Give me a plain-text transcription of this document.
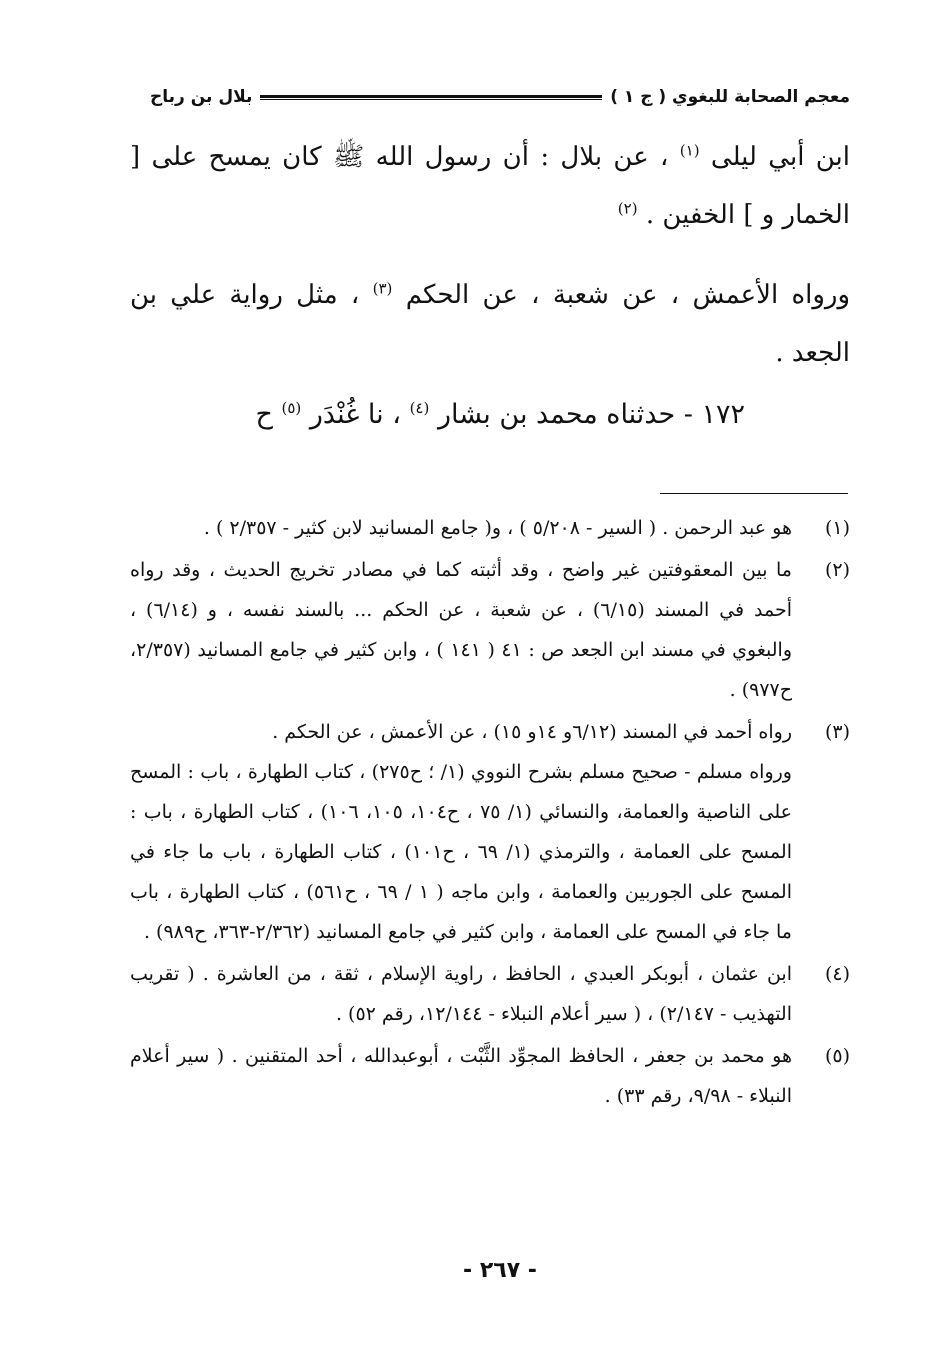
معجم الصحابة للبغوي ( ج ١ )
بلال بن رباح

ابن أبي ليلى $^{(١)}$ ، عن بلال : أن رسول الله ﷺ كان يمسح على [ الخمار و ] الخفين . $^{(٢)}$

ورواه الأعمش ، عن شعبة ، عن الحكم $^{(٣)}$ ، مثل رواية علي بن الجعد .

١٧٢ - حدثناه محمد بن بشار $^{(٤)}$ ، نا غُنْدَر $^{(٥)}$ ح

(١)

هو عبد الرحمن . ( السير - ٥/٢٠٨ ) ، و( جامع المسانيد لابن كثير - ٢/٣٥٧ ) .

(٢)

ما بين المعقوفتين غير واضح ، وقد أثبته كما في مصادر تخريج الحديث ، وقد رواه أحمد في المسند (٦/١٥) ، عن شعبة ، عن الحكم ... بالسند نفسه ، و (٦/١٤) ، والبغوي في مسند ابن الجعد ص : ٤١ ( ١٤١ ) ، وابن كثير في جامع المسانيد (٢/٣٥٧، ح٩٧٧) .

(٣)

رواه أحمد في المسند (٦/١٢و ١٤و ١٥) ، عن الأعمش ، عن الحكم .

ورواه مسلم - صحيح مسلم بشرح النووي (١/ ؛ ح٢٧٥) ، كتاب الطهارة ، باب : المسح على الناصية والعمامة، والنسائي (١/ ٧٥ ، ح١٠٤، ١٠٥، ١٠٦) ، كتاب الطهارة ، باب : المسح على العمامة ، والترمذي (١/ ٦٩ ، ح١٠١) ، كتاب الطهارة ، باب ما جاء في المسح على الجوربين والعمامة ، وابن ماجه ( ١ / ٦٩ ، ح٥٦١) ، كتاب الطهارة ، باب ما جاء في المسح على العمامة ، وابن كثير في جامع المسانيد (٢/٣٦٢-٣٦٣، ح٩٨٩) .

(٤)

ابن عثمان ، أبوبكر العبدي ، الحافظ ، راوية الإسلام ، ثقة ، من العاشرة . ( تقريب التهذيب - ٢/١٤٧) ، ( سير أعلام النبلاء - ١٢/١٤٤، رقم ٥٢) .

(٥)

هو محمد بن جعفر ، الحافظ المجوِّد الثَّبْت ، أبوعبدالله ، أحد المتقنين . ( سير أعلام النبلاء - ٩/٩٨، رقم ٣٣) .

- ٢٦٧ -
